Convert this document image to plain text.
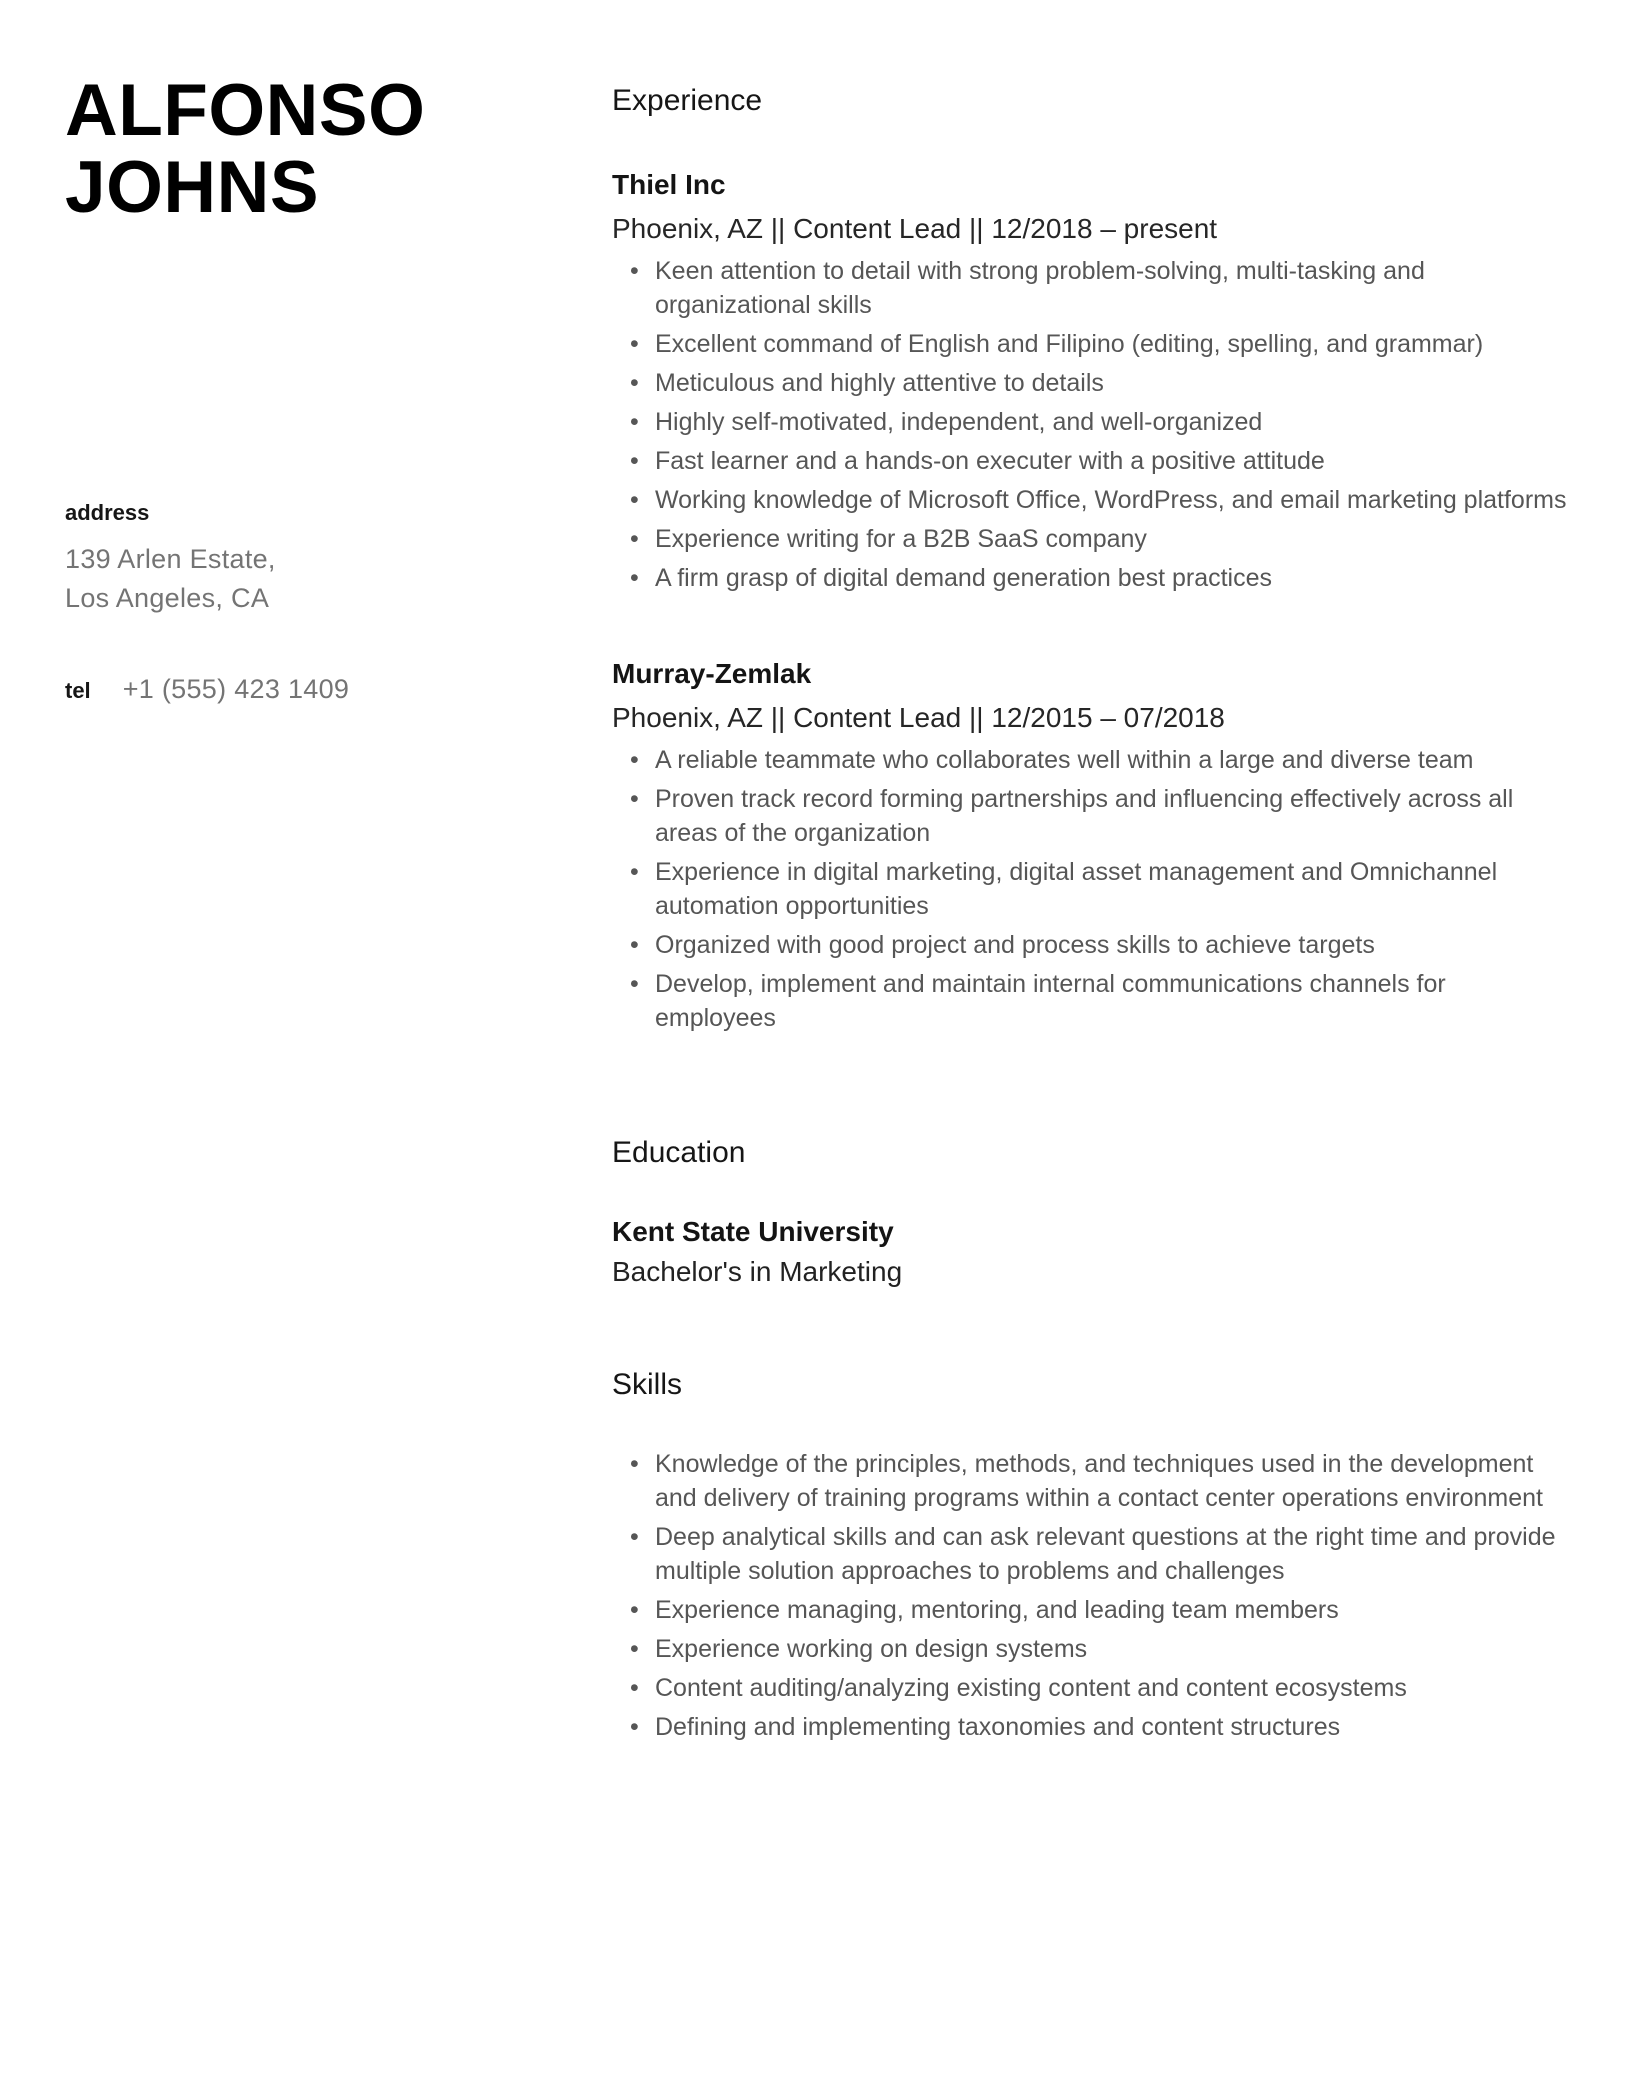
ALFONSO
JOHNS
address
139 Arlen Estate,
Los Angeles, CA
tel +1 (555) 423 1409
Experience
Thiel Inc
Phoenix, AZ || Content Lead || 12/2018 – present
• Keen attention to detail with strong problem-solving, multi-tasking and organizational skills
• Excellent command of English and Filipino (editing, spelling, and grammar)
• Meticulous and highly attentive to details
• Highly self-motivated, independent, and well-organized
• Fast learner and a hands-on executer with a positive attitude
• Working knowledge of Microsoft Office, WordPress, and email marketing platforms
• Experience writing for a B2B SaaS company
• A firm grasp of digital demand generation best practices
Murray-Zemlak
Phoenix, AZ || Content Lead || 12/2015 – 07/2018
• A reliable teammate who collaborates well within a large and diverse team
• Proven track record forming partnerships and influencing effectively across all areas of the organization
• Experience in digital marketing, digital asset management and Omnichannel automation opportunities
• Organized with good project and process skills to achieve targets
• Develop, implement and maintain internal communications channels for employees
Education
Kent State University
Bachelor's in Marketing
Skills
• Knowledge of the principles, methods, and techniques used in the development and delivery of training programs within a contact center operations environment
• Deep analytical skills and can ask relevant questions at the right time and provide multiple solution approaches to problems and challenges
• Experience managing, mentoring, and leading team members
• Experience working on design systems
• Content auditing/analyzing existing content and content ecosystems
• Defining and implementing taxonomies and content structures
